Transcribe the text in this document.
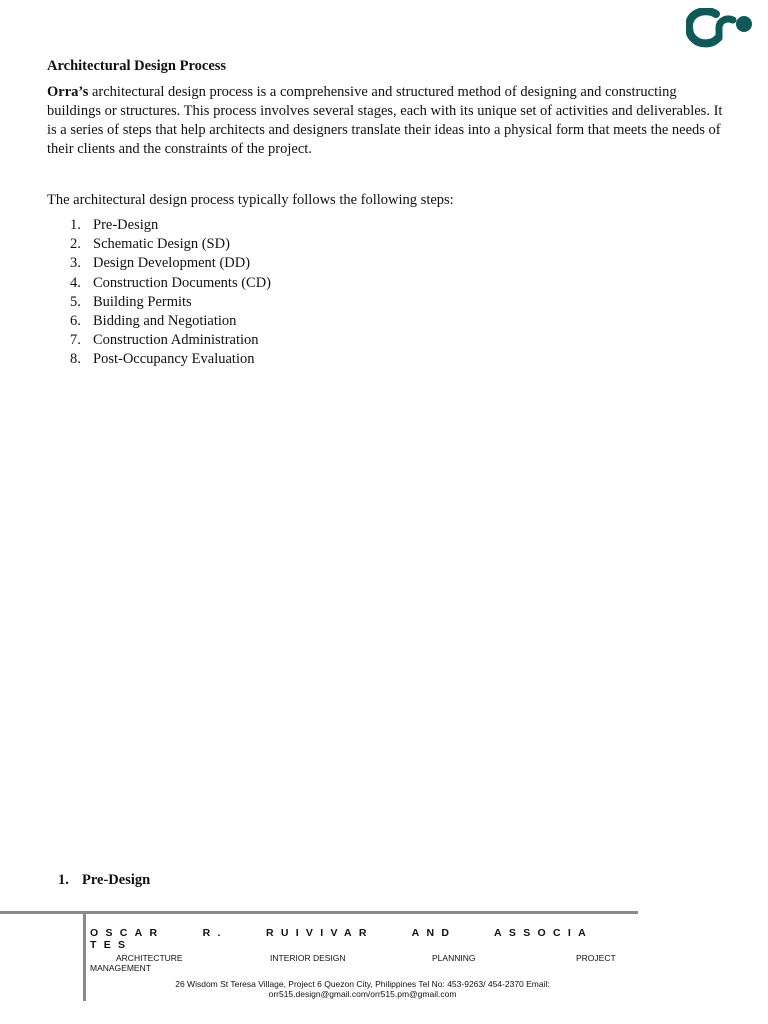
Architectural Design Process

Orra’s architectural design process is a comprehensive and structured method of designing and constructing buildings or structures. This process involves several stages, each with its unique set of activities and deliverables. It is a series of steps that help architects and designers translate their ideas into a physical form that meets the needs of their clients and the constraints of the project.

The architectural design process typically follows the following steps:

1. Pre-Design
2. Schematic Design (SD)
3. Design Development (DD)
4. Construction Documents (CD)
5. Building Permits
6. Bidding and Negotiation
7. Construction Administration
8. Post-Occupancy Evaluation
1. Pre-Design
OSCAR R. RUIVIVAR AND ASSOCIA
TES
ARCHITECTURE	INTERIOR DESIGN	PLANNING	PROJECT
MANAGEMENT
26 Wisdom St Teresa Village, Project 6 Quezon City, Philippines Tel No: 453-9263/ 454-2370 Email:
orr515.design@gmail.com/orr515.pm@gmail.com
